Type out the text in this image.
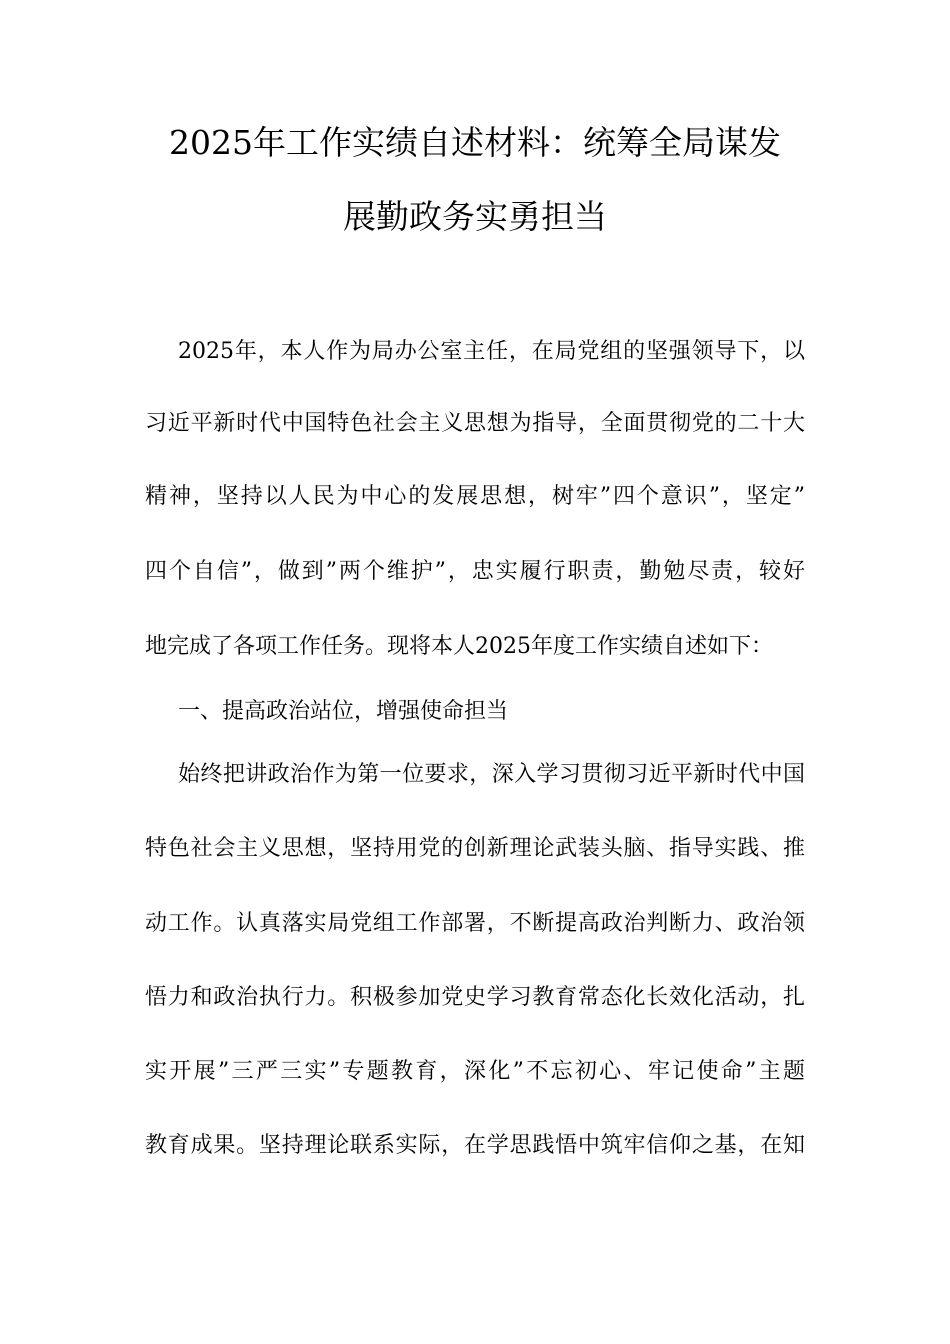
2025年工作实绩自述材料：统筹全局谋发
展勤政务实勇担当
2025年，本人作为局办公室主任，在局党组的坚强领导下，以
习近平新时代中国特色社会主义思想为指导，全面贯彻党的二十大
精神，坚持以人民为中心的发展思想，树牢”四个意识”，坚定”
四个自信”，做到”两个维护”，忠实履行职责，勤勉尽责，较好
地完成了各项工作任务。现将本人2025年度工作实绩自述如下：
一、提高政治站位，增强使命担当
始终把讲政治作为第一位要求，深入学习贯彻习近平新时代中国
特色社会主义思想，坚持用党的创新理论武装头脑、指导实践、推
动工作。认真落实局党组工作部署，不断提高政治判断力、政治领
悟力和政治执行力。积极参加党史学习教育常态化长效化活动，扎
实开展”三严三实”专题教育，深化”不忘初心、牢记使命”主题
教育成果。坚持理论联系实际，在学思践悟中筑牢信仰之基，在知
